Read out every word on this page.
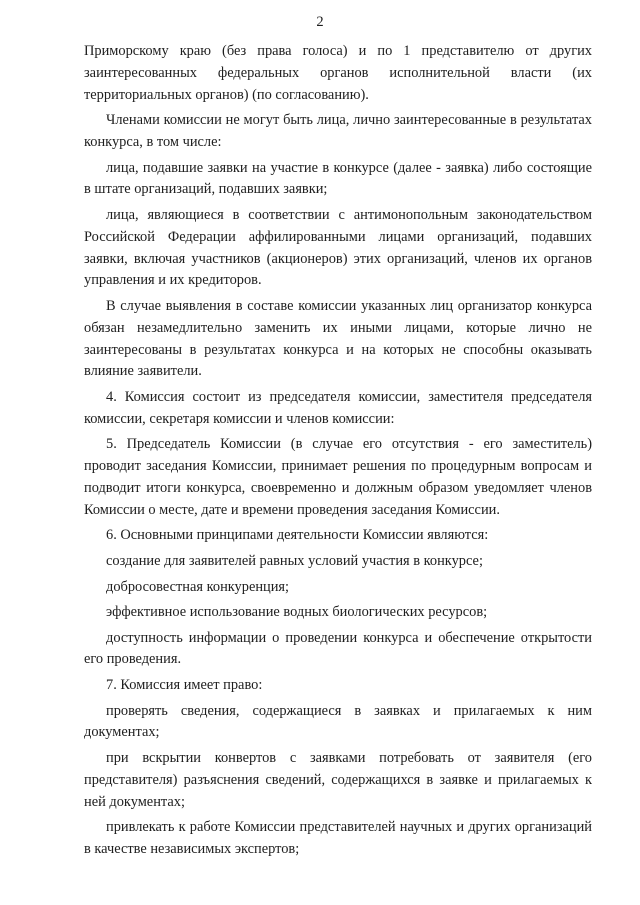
2

Приморскому краю (без права голоса) и по 1 представителю от других заинтересованных федеральных органов исполнительной власти (их территориальных органов) (по согласованию).

Членами комиссии не могут быть лица, лично заинтересованные в результатах конкурса, в том числе:

лица, подавшие заявки на участие в конкурсе (далее - заявка) либо состоящие в штате организаций, подавших заявки;

лица, являющиеся в соответствии с антимонопольным законодательством Российской Федерации аффилированными лицами организаций, подавших заявки, включая участников (акционеров) этих организаций, членов их органов управления и их кредиторов.

В случае выявления в составе комиссии указанных лиц организатор конкурса обязан незамедлительно заменить их иными лицами, которые лично не заинтересованы в результатах конкурса и на которых не способны оказывать влияние заявители.

4. Комиссия состоит из председателя комиссии, заместителя председателя комиссии, секретаря комиссии и членов комиссии:

5. Председатель Комиссии (в случае его отсутствия - его заместитель) проводит заседания Комиссии, принимает решения по процедурным вопросам и подводит итоги конкурса, своевременно и должным образом уведомляет членов Комиссии о месте, дате и времени проведения заседания Комиссии.

6. Основными принципами деятельности Комиссии являются:

создание для заявителей равных условий участия в конкурсе;

добросовестная конкуренция;

эффективное использование водных биологических ресурсов;

доступность информации о проведении конкурса и обеспечение открытости его проведения.

7. Комиссия имеет право:

проверять сведения, содержащиеся в заявках и прилагаемых к ним документах;

при вскрытии конвертов с заявками потребовать от заявителя (его представителя) разъяснения сведений, содержащихся в заявке и прилагаемых к ней документах;

привлекать к работе Комиссии представителей научных и других организаций в качестве независимых экспертов;
